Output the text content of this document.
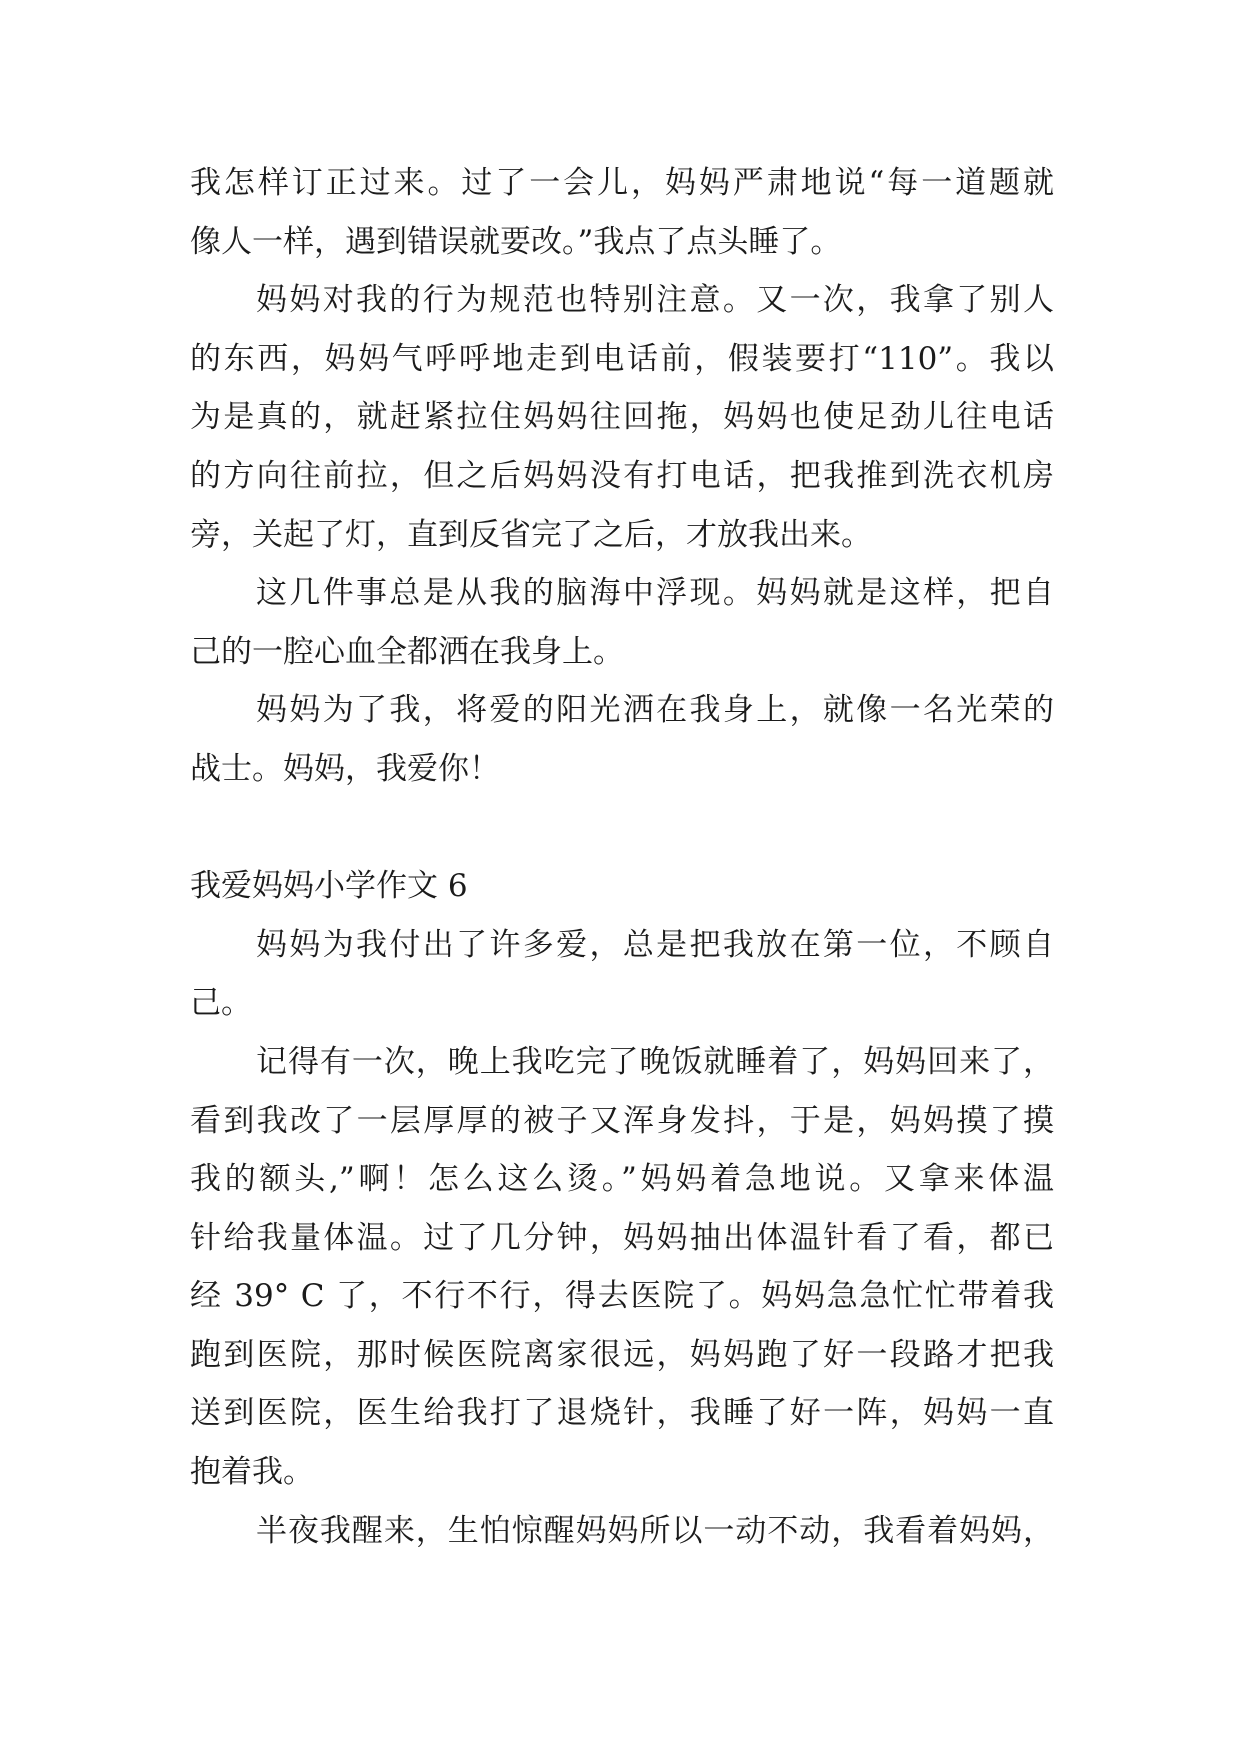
我怎样订正过来。过了一会儿，妈妈严肃地说“每一道题就
像人一样，遇到错误就要改。”我点了点头睡了。
妈妈对我的行为规范也特别注意。又一次，我拿了别人
的东西，妈妈气呼呼地走到电话前，假装要打“110”。我以
为是真的，就赶紧拉住妈妈往回拖，妈妈也使足劲儿往电话
的方向往前拉，但之后妈妈没有打电话，把我推到洗衣机房
旁，关起了灯，直到反省完了之后，才放我出来。
这几件事总是从我的脑海中浮现。妈妈就是这样，把自
己的一腔心血全都洒在我身上。
妈妈为了我，将爱的阳光洒在我身上，就像一名光荣的
战士。妈妈，我爱你！
我爱妈妈小学作文 6
妈妈为我付出了许多爱，总是把我放在第一位，不顾自
己。
记得有一次，晚上我吃完了晚饭就睡着了，妈妈回来了，
看到我改了一层厚厚的被子又浑身发抖，于是，妈妈摸了摸
我的额头,”啊！怎么这么烫。”妈妈着急地说。又拿来体温
针给我量体温。过了几分钟，妈妈抽出体温针看了看，都已
经 39° C 了，不行不行，得去医院了。妈妈急急忙忙带着我
跑到医院，那时候医院离家很远，妈妈跑了好一段路才把我
送到医院，医生给我打了退烧针，我睡了好一阵，妈妈一直
抱着我。
半夜我醒来，生怕惊醒妈妈所以一动不动，我看着妈妈，
